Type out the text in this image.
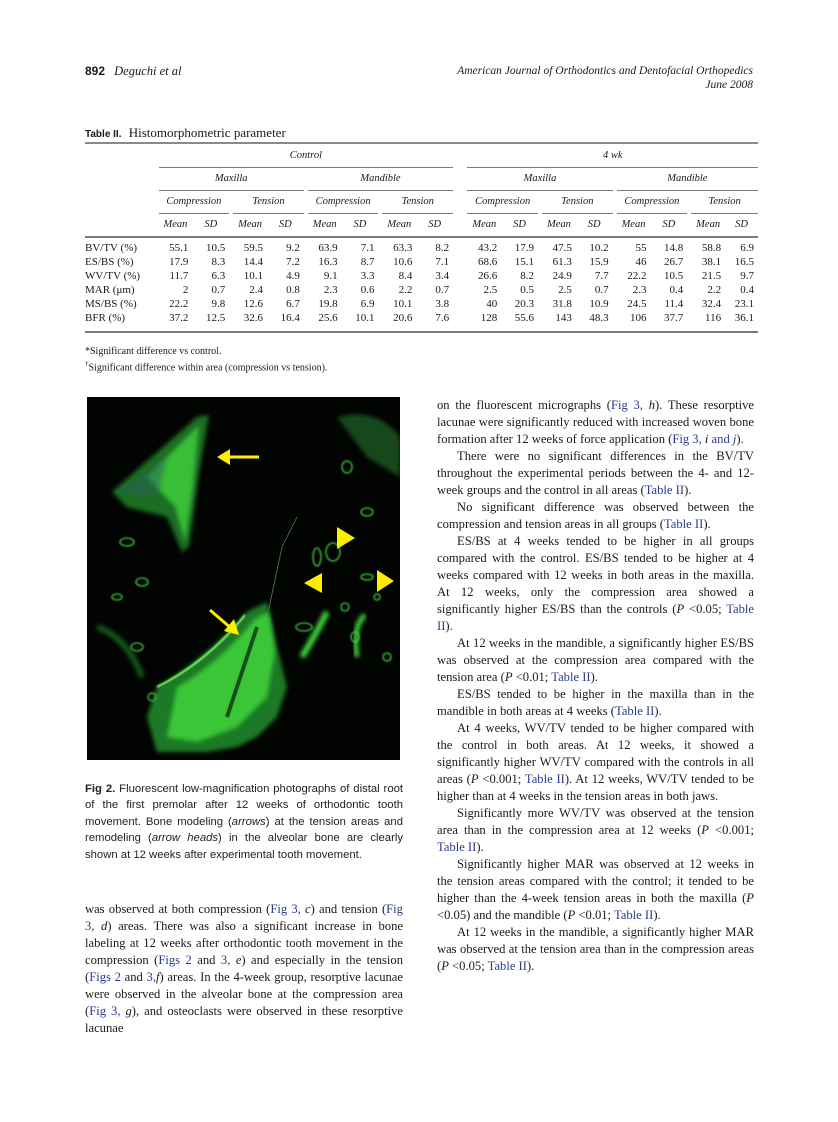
892 Deguchi et al	American Journal of Orthodontics and Dentofacial Orthopedics
June 2008
Table II. Histomorphometric parameter
	Control												4 wk										
	Maxilla						Mandible						Maxilla						Mandible				
	Compression			Tension			Compression			Tension			Compression			Tension			Compression			Tension	
	Mean	SD		Mean	SD		Mean	SD		Mean	SD		Mean	SD		Mean	SD		Mean	SD		Mean	SD
BV/TV (%)	55.1	10.5		59.5	9.2		63.9	7.1		63.3	8.2		43.2	17.9		47.5	10.2		55	14.8		58.8	6.9
ES/BS (%)	17.9	8.3		14.4	7.2		16.3	8.7		10.6	7.1		68.6	15.1		61.3	15.9		46	26.7		38.1	16.5
WV/TV (%)	11.7	6.3		10.1	4.9		9.1	3.3		8.4	3.4		26.6	8.2		24.9	7.7		22.2	10.5		21.5	9.7
MAR (μm)	2	0.7		2.4	0.8		2.3	0.6		2.2	0.7		2.5	0.5		2.5	0.7		2.3	0.4		2.2	0.4
MS/BS (%)	22.2	9.8		12.6	6.7		19.8	6.9		10.1	3.8		40	20.3		31.8	10.9		24.5	11.4		32.4	23.1
BFR (%)	37.2	12.5		32.6	16.4		25.6	10.1		20.6	7.6		128	55.6		143	48.3		106	37.7		116	36.1
*Significant difference vs control.
†Significant difference within area (compression vs tension).
Fig 2. Fluorescent low-magnification photographs of distal root of the first premolar after 12 weeks of orthodontic tooth movement. Bone modeling (arrows) at the tension areas and remodeling (arrow heads) in the alveolar bone are clearly shown at 12 weeks after experimental tooth movement.
was observed at both compression (Fig 3, c) and tension (Fig 3, d) areas. There was also a significant increase in bone labeling at 12 weeks after orthodontic tooth movement in the compression (Figs 2 and 3, e) and especially in the tension (Figs 2 and 3,f) areas. In the 4-week group, resorptive lacunae were observed in the alveolar bone at the compression area (Fig 3, g), and osteoclasts were observed in these resorptive lacunae

on the fluorescent micrographs (Fig 3, h). These resorptive lacunae were significantly reduced with increased woven bone formation after 12 weeks of force application (Fig 3, i and j).

There were no significant differences in the BV/TV throughout the experimental periods between the 4- and 12-week groups and the control in all areas (Table II).

No significant difference was observed between the compression and tension areas in all groups (Table II).

ES/BS at 4 weeks tended to be higher in all groups compared with the control. ES/BS tended to be higher at 4 weeks compared with 12 weeks in both areas in the maxilla. At 12 weeks, only the compression area showed a significantly higher ES/BS than the controls (P <0.05; Table II).

At 12 weeks in the mandible, a significantly higher ES/BS was observed at the compression area compared with the tension area (P <0.01; Table II).

ES/BS tended to be higher in the maxilla than in the mandible in both areas at 4 weeks (Table II).

At 4 weeks, WV/TV tended to be higher compared with the control in both areas. At 12 weeks, it showed a significantly higher WV/TV compared with the controls in all areas (P <0.001; Table II). At 12 weeks, WV/TV tended to be higher than at 4 weeks in the tension areas in both jaws.

Significantly more WV/TV was observed at the tension area than in the compression area at 12 weeks (P <0.001; Table II).

Significantly higher MAR was observed at 12 weeks in the tension areas compared with the control; it tended to be higher than the 4-week tension areas in both the maxilla (P <0.05) and the mandible (P <0.01; Table II).

At 12 weeks in the mandible, a significantly higher MAR was observed at the tension area than in the compression areas (P <0.05; Table II).
